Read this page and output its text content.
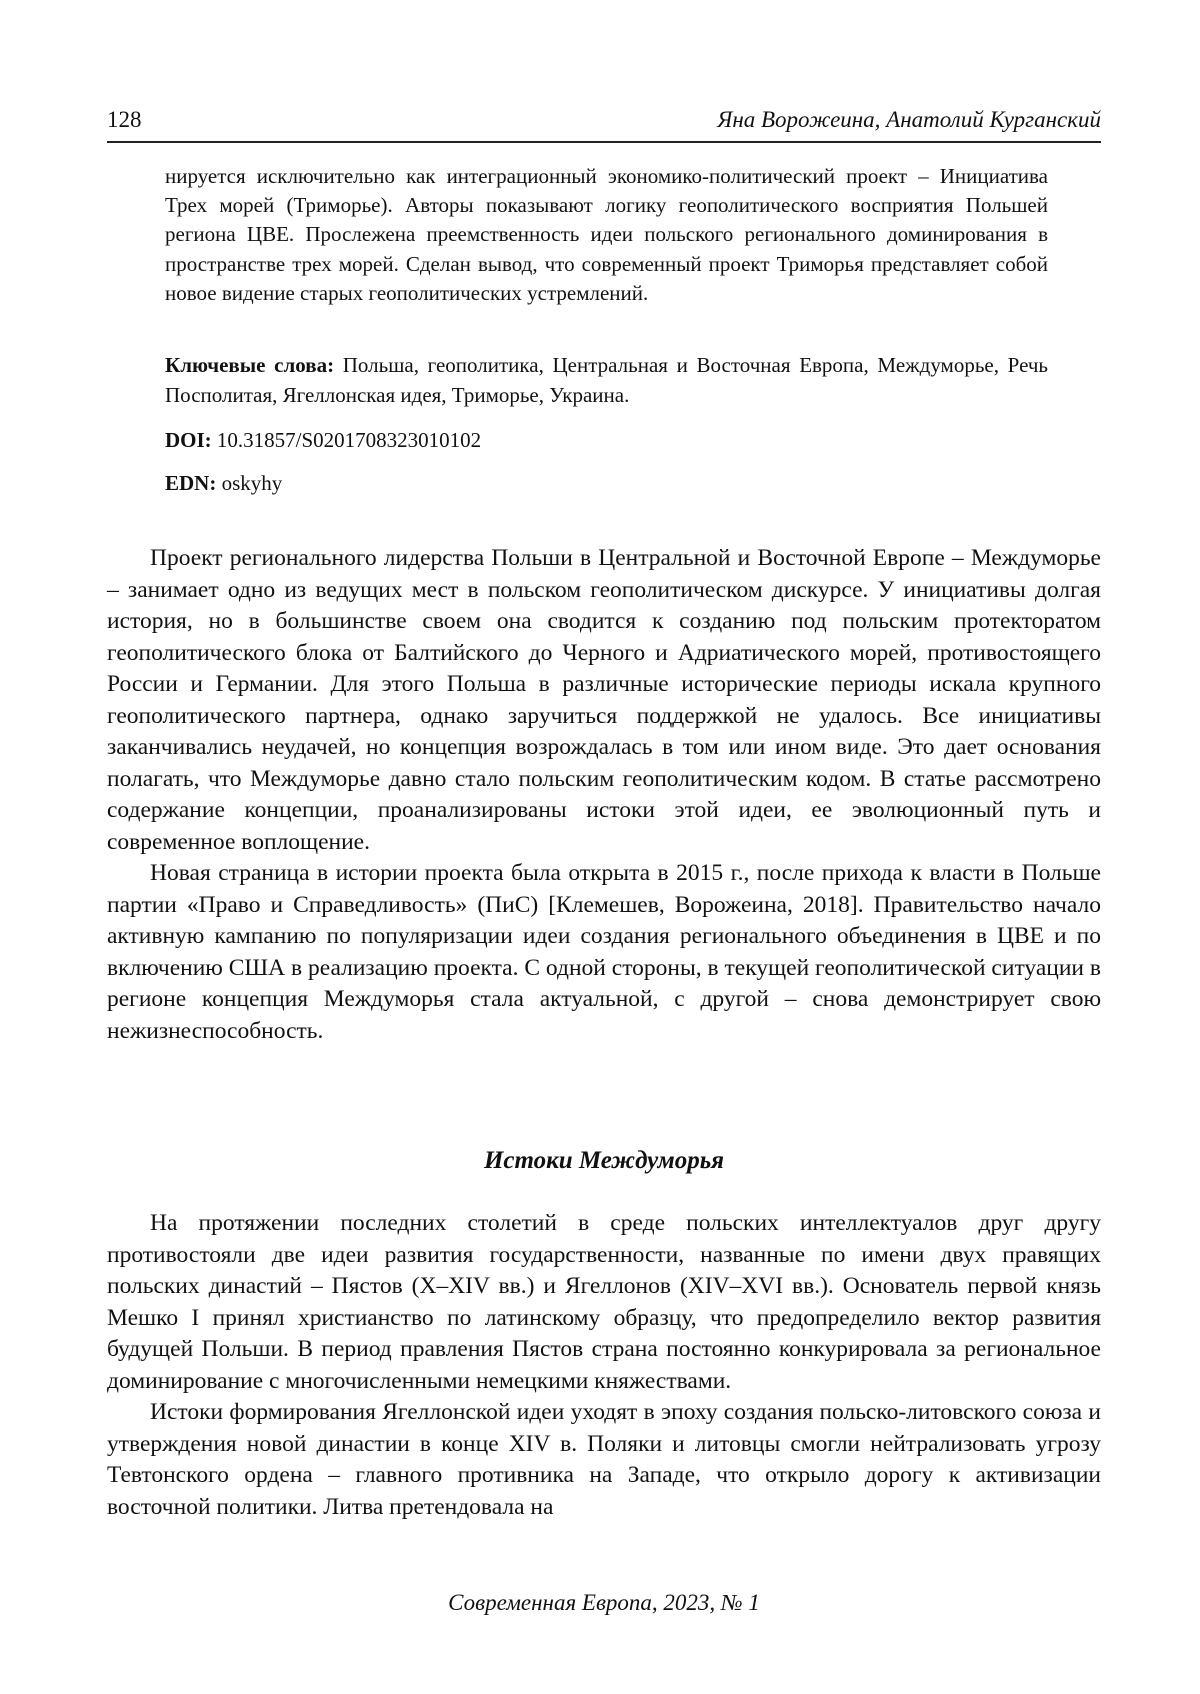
128	Яна Ворожеина, Анатолий Курганский

нируется исключительно как интеграционный экономико-политический проект – Инициатива Трех морей (Триморье). Авторы показывают логику геополитического восприятия Польшей региона ЦВЕ. Прослежена преемственность идеи польского регионального доминирования в пространстве трех морей. Сделан вывод, что современный проект Триморья представляет собой новое видение старых геополитических устремлений.

Ключевые слова: Польша, геополитика, Центральная и Восточная Европа, Междуморье, Речь Посполитая, Ягеллонская идея, Триморье, Украина.
DOI: 10.31857/S0201708323010102
EDN: oskyhy

Проект регионального лидерства Польши в Центральной и Восточной Европе – Междуморье – занимает одно из ведущих мест в польском геополитическом дискурсе. У инициативы долгая история, но в большинстве своем она сводится к созданию под польским протекторатом геополитического блока от Балтийского до Черного и Адриатического морей, противостоящего России и Германии. Для этого Польша в различные исторические периоды искала крупного геополитического партнера, однако заручиться поддержкой не удалось. Все инициативы заканчивались неудачей, но концепция возрождалась в том или ином виде. Это дает основания полагать, что Междуморье давно стало польским геополитическим кодом. В статье рассмотрено содержание концепции, проанализированы истоки этой идеи, ее эволюционный путь и современное воплощение.

Новая страница в истории проекта была открыта в 2015 г., после прихода к власти в Польше партии «Право и Справедливость» (ПиС) [Клемешев, Ворожеина, 2018]. Правительство начало активную кампанию по популяризации идеи создания регионального объединения в ЦВЕ и по включению США в реализацию проекта. С одной стороны, в текущей геополитической ситуации в регионе концепция Междуморья стала актуальной, с другой – снова демонстрирует свою нежизнеспособность.

Истоки Междуморья

На протяжении последних столетий в среде польских интеллектуалов друг другу противостояли две идеи развития государственности, названные по имени двух правящих польских династий – Пястов (X–XIV вв.) и Ягеллонов (XIV–XVI вв.). Основатель первой князь Мешко I принял христианство по латинскому образцу, что предопределило вектор развития будущей Польши. В период правления Пястов страна постоянно конкурировала за региональное доминирование с многочисленными немецкими княжествами.

Истоки формирования Ягеллонской идеи уходят в эпоху создания польско-литовского союза и утверждения новой династии в конце XIV в. Поляки и литовцы смогли нейтрализовать угрозу Тевтонского ордена – главного противника на Западе, что открыло дорогу к активизации восточной политики. Литва претендовала на

Современная Европа, 2023, № 1
